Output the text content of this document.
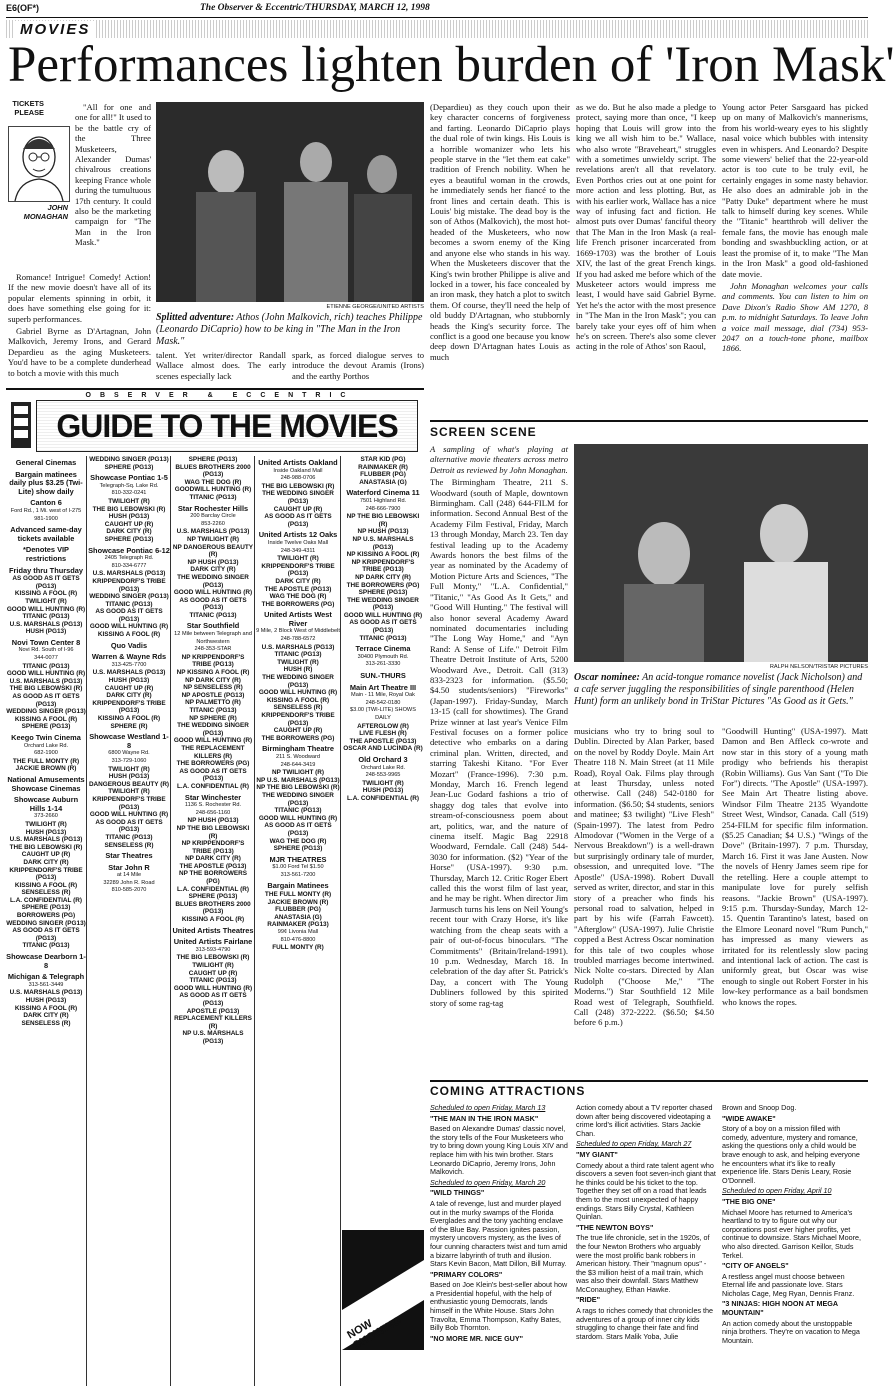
E6(OF*)	The Observer & Eccentric/THURSDAY, MARCH 12, 1998
MOVIES
Performances lighten burden of 'Iron Mask'
TICKETS PLEASE
JOHN MONAGHAN

"All for one and one for all!" It used to be the battle cry of the Three Musketeers, Alexander Dumas' chivalrous creations keeping France whole during the tumultuous 17th century. It could also be the marketing campaign for "The Man in the Iron Mask."

Romance! Intrigue! Comedy! Action! If the new movie doesn't have all of its popular elements spinning in orbit, it does have something else going for it: superb performances.

Gabriel Byrne as D'Artagnan, John Malkovich, Jeremy Irons, and Gerard Depardieu as the aging Musketeers. You'd have to be a complete dunderhead to botch a movie with this much

ETIENNE GEORGE/UNITED ARTISTS
Splitted adventure: Athos (John Malkovich, rich) teaches Philippe (Leonardo DiCaprio) how to be king in "The Man in the Iron Mask."

talent. Yet writer/director Randall Wallace almost does. The early scenes especially lack

spark, as forced dialogue serves to introduce the devout Aramis (Irons) and the earthy Porthos

(Depardieu) as they couch upon their key character concerns of forgiveness and farting. Leonardo DiCaprio plays the dual role of twin kings. His Louis is a horrible womanizer who lets his people starve in the "let them eat cake" tradition of French nobility. When he eyes a beautiful woman in the crowds, he immediately sends her fiancé to the front lines and certain death. This is Louis' big mistake. The dead boy is the son of Athos (Malkovich), the most hot-headed of the Musketeers, who now becomes a sworn enemy of the King and anyone else who stands in his way. When the Musketeers discover that the King's twin brother Philippe is alive and locked in a tower, his face concealed by an iron mask, they hatch a plot to switch them. Of course, they'll need the help of old buddy D'Artagnan, who stubbornly heads the King's security force. The conflict is a good one because you know deep down D'Artagnan hates Louis as much

as we do. But he also made a pledge to protect, saying more than once, "I keep hoping that Louis will grow into the king we all wish him to be." Wallace, who also wrote "Braveheart," struggles with a sometimes unwieldy script. The revelations aren't all that revelatory. Even Porthos cries out at one point for more action and less plotting. But, as with his earlier work, Wallace has a nice way of infusing fact and fiction. He almost puts over Dumas' fanciful theory that The Man in the Iron Mask (a real-life French prisoner incarcerated from 1669-1703) was the brother of Louis XIV, the last of the great French kings. If you had asked me before which of the Musketeer actors would impress me least, I would have said Gabriel Byrne. Yet he's the actor with the most presence in "The Man in the Iron Mask"; you can barely take your eyes off of him when he's on screen. There's also some clever acting in the role of Athos' son Raoul,

Young actor Peter Sarsgaard has picked up on many of Malkovich's mannerisms, from his world-weary eyes to his slightly nasal voice which bubbles with intensity even in whispers. And Leonardo? Despite some viewers' belief that the 22-year-old actor is too cute to be truly evil, he certainly engages in some nasty behavior. He also does an admirable job in the "Patty Duke" department where he must talk to himself during key scenes. While the "Titanic" heartthrob will deliver the female fans, the movie has enough male bonding and swashbuckling action, or at least the promise of it, to make "The Man in the Iron Mask" a good old-fashioned date movie.

John Monaghan welcomes your calls and comments. You can listen to him on Dave Dixon's Radio Show AM 1270, 8 p.m. to midnight Saturdays. To leave John a voice mail message, dial (734) 953-2047 on a touch-tone phone, mailbox 1866.

OBSERVER & ECCENTRIC
GUIDE TO THE MOVIES
General Cinemas
Bargain matinees daily plus $3.25 (Twi-Lite) show daily
Canton 6
Ford Rd., 1 Mi. west of I-275
981-1900
Advanced same-day tickets available
*Denotes VIP restrictions
Friday thru Thursday
AS GOOD AS IT GETS (PG13)
KISSING A FOOL (R)
TWILIGHT (R)
GOOD WILL HUNTING (R)
TITANIC (PG13)
U.S. MARSHALS (PG13)
HUSH (PG13)
Novi Town Center 8
Novi Rd. South of I-96
344-0077
TITANIC (PG13)
GOOD WILL HUNTING (R)
U.S. MARSHALS (PG13)
THE BIG LEBOWSKI (R)
AS GOOD AS IT GETS (PG13)
WEDDING SINGER (PG13)
KISSING A FOOL (R)
SPHERE (PG13)
Keego Twin Cinema
Orchard Lake Rd.
682-1900
THE FULL MONTY (R)
JACKIE BROWN (R)
National Amusements Showcase Cinemas
Showcase Auburn Hills 1-14
373-2660
TWILIGHT (R)
HUSH (PG13)
U.S. MARSHALS (PG13)
THE BIG LEBOWSKI (R)
CAUGHT UP (R)
DARK CITY (R)
KRIPPENDORF'S TRIBE (PG13)
KISSING A FOOL (R)
SENSELESS (R)
L.A. CONFIDENTIAL (R)
SPHERE (PG13)
BORROWERS (PG)
WEDDING SINGER (PG13)
AS GOOD AS IT GETS (PG13)
TITANIC (PG13)
Showcase Dearborn 1-8
Michigan & Telegraph
313-561-3449
U.S. MARSHALS (PG13)
HUSH (PG13)
KISSING A FOOL (R)
DARK CITY (R)
SENSELESS (R)
WEDDING SINGER (PG13)
SPHERE (PG13)
Showcase Pontiac 1-5
Telegraph-Sq. Lake Rd.
810-332-0241
TWILIGHT (R)
THE BIG LEBOWSKI (R)
HUSH (PG13)
CAUGHT UP (R)
DARK CITY (R)
SPHERE (PG13)
Showcase Pontiac 6-12
2405 Telegraph Rd.
810-334-6777
U.S. MARSHALS (PG13)
KRIPPENDORF'S TRIBE (PG13)
WEDDING SINGER (PG13)
TITANIC (PG13)
AS GOOD AS IT GETS (PG13)
GOOD WILL HUNTING (R)
KISSING A FOOL (R)
Quo Vadis
Warren & Wayne Rds
313-425-7700
U.S. MARSHALS (PG13)
HUSH (PG13)
CAUGHT UP (R)
DARK CITY (R)
KRIPPENDORF'S TRIBE (PG13)
KISSING A FOOL (R)
SPHERE (R)
Showcase Westland 1-8
6800 Wayne Rd.
313-729-1060
TWILIGHT (R)
HUSH (PG13)
DANGEROUS BEAUTY (R)
TWILIGHT (R)
KRIPPENDORF'S TRIBE (PG13)
GOOD WILL HUNTING (R)
AS GOOD AS IT GETS (PG13)
TITANIC (PG13)
SENSELESS (R)
Star Theatres
Star John R
at 14 Mile
32289 John R. Road
810-585-2070
SPHERE (PG13)
BLUES BROTHERS 2000 (PG13)
WAG THE DOG (R)
GOODWILL HUNTING (R)
TITANIC (PG13)
Star Rochester Hills
200 Barclay Circle
853-2260
U.S. MARSHALS (PG13)
NP TWILIGHT (R)
NP DANGEROUS BEAUTY (R)
NP HUSH (PG13)
DARK CITY (R)
THE WEDDING SINGER (PG13)
GOOD WILL HUNTING (R)
AS GOOD AS IT GETS (PG13)
TITANIC (PG13)
Star Southfield
12 Mile between Telegraph and Northwestern
248-353-STAR
NP KRIPPENDORF'S TRIBE (PG13)
NP KISSING A FOOL (R)
NP DARK CITY (R)
NP SENSELESS (R)
NP APOSTLE (PG13)
NP PALMETTO (R)
TITANIC (PG13)
NP SPHERE (R)
THE WEDDING SINGER (PG13)
GOOD WILL HUNTING (R)
THE REPLACEMENT KILLERS (R)
THE BORROWERS (PG)
AS GOOD AS IT GETS (PG13)
L.A. CONFIDENTIAL (R)
Star Winchester
1136 S. Rochester Rd.
248-656-1160
NP HUSH (PG13)
NP THE BIG LEBOWSKI (R)
NP KRIPPENDORF'S TRIBE (PG13)
NP DARK CITY (R)
THE APOSTLE (PG13)
NP THE BORROWERS (PG)
L.A. CONFIDENTIAL (R)
SPHERE (PG13)
BLUES BROTHERS 2000 (PG13)
KISSING A FOOL (R)
United Artists Theatres
United Artists Fairlane
313-593-4790
THE BIG LEBOWSKI (R)
TWILIGHT (R)
CAUGHT UP (R)
TITANIC (PG13)
GOOD WILL HUNTING (R)
AS GOOD AS IT GETS (PG13)
APOSTLE (PG13)
REPLACEMENT KILLERS (R)
NP U.S. MARSHALS (PG13)
United Artists Oakland
Inside Oakland Mall
248-988-0706
THE BIG LEBOWSKI (R)
THE WEDDING SINGER (PG13)
CAUGHT UP (R)
AS GOOD AS IT GETS (PG13)
United Artists 12 Oaks
Inside Twelve Oaks Mall
248-349-4311
TWILIGHT (R)
KRIPPENDORF'S TRIBE (PG13)
DARK CITY (R)
THE APOSTLE (PG13)
WAG THE DOG (R)
THE BORROWERS (PG)
United Artists West River
9 Mile, 2 Block West of Middlebelt
248-788-6572
U.S. MARSHALS (PG13)
TITANIC (PG13)
TWILIGHT (R)
HUSH (R)
THE WEDDING SINGER (PG13)
GOOD WILL HUNTING (R)
KISSING A FOOL (R)
SENSELESS (R)
KRIPPENDORF'S TRIBE (PG13)
CAUGHT UP (R)
THE BORROWERS (PG)
Birmingham Theatre
211 S. Woodward
248-644-3419
NP TWILIGHT (R)
NP U.S. MARSHALS (PG13)
NP THE BIG LEBOWSKI (R)
THE WEDDING SINGER (PG13)
TITANIC (PG13)
GOOD WILL HUNTING (R)
AS GOOD AS IT GETS (PG13)
WAG THE DOG (R)
SPHERE (PG13)
MJR THEATRES
$1.00 Ford Tel $1.50
313-561-7200
Bargain Matinees
THE FULL MONTY (R)
JACKIE BROWN (R)
FLUBBER (PG)
ANASTASIA (G)
RAINMAKER (PG13)
99¢ Livonia Mall
810-476-8800
FULL MONTY (R)
STAR KID (PG)
RAINMAKER (R)
FLUBBER (PG)
ANASTASIA (G)
Waterford Cinema 11
7501 Highland Rd.
248-666-7900
NP THE BIG LEBOWSKI (R)
NP HUSH (PG13)
NP U.S. MARSHALS (PG13)
NP KISSING A FOOL (R)
NP KRIPPENDORF'S TRIBE (PG13)
NP DARK CITY (R)
THE BORROWERS (PG)
SPHERE (PG13)
THE WEDDING SINGER (PG13)
GOOD WILL HUNTING (R)
AS GOOD AS IT GETS (PG13)
TITANIC (PG13)
Terrace Cinema
30400 Plymouth Rd.
313-261-3330
SUN.-THURS
Main Art Theatre III
Main - 11 Mile, Royal Oak
248-542-0180
$3.00 (TWI-LITE) SHOWS DAILY
AFTERGLOW (R)
LIVE FLESH (R)
THE APOSTLE (PG13)
OSCAR AND LUCINDA (R)
Old Orchard 3
Orchard Lake Rd.
248-553-9965
TWILIGHT (R)
HUSH (PG13)
L.A. CONFIDENTIAL (R)
NOW SHOWING
SCREEN SCENE

A sampling of what's playing at alternative movie theaters across metro Detroit as reviewed by John Monaghan.

The Birmingham Theatre, 211 S. Woodward (south of Maple, downtown Birmingham. Call (248) 644-FILM for information. Second Annual Best of the Academy Film Festival, Friday, March 13 through Monday, March 23. Ten day festival leading up to the Academy Awards honors the best films of the year as nominated by the Academy of Motion Picture Arts and Sciences, "The Full Monty," "L.A. Confidential," "Titanic," "As Good As It Gets," and "Good Will Hunting." The festival will also honor several Academy Award nominated documentaries including "The Long Way Home," and "Ayn Rand: A Sense of Life." Detroit Film Theatre Detroit Institute of Arts, 5200 Woodward Ave., Detroit. Call (313) 833-2323 for information. ($5.50; $4.50 students/seniors) "Fireworks" (Japan-1997). Friday-Sunday, March 13-15 (call for showtimes). The Grand Prize winner at last year's Venice Film Festival focuses on a former police detective who embarks on a daring criminal plan. Written, directed, and starring Takeshi Kitano. "For Ever Mozart" (France-1996). 7:30 p.m. Monday, March 16. French legend Jean-Luc Godard fashions a trio of shaggy dog tales that evolve into stream-of-consciousness poem about art, politics, war, and the nature of cinema itself. Magic Bag 22918 Woodward, Ferndale. Call (248) 544-3030 for information. ($2) "Year of the Horse" (USA-1997). 9:30 p.m. Thursday, March 12. Critic Roger Ebert called this the worst film of last year, and he may be right. When director Jim Jarmusch turns his lens on Neil Young's recent tour with Crazy Horse, it's like watching from the cheap seats with a pair of out-of-focus binoculars. "The Commitments" (Britain/Ireland-1991). 10 p.m. Wednesday, March 18. In celebration of the day after St. Patrick's Day, a concert with The Young Dubliners followed by this spirited story of some rag-tag

RALPH NELSON/TRISTAR PICTURES
Oscar nominee: An acid-tongue romance novelist (Jack Nicholson) and a cafe server juggling the responsibilities of single parenthood (Helen Hunt) form an unlikely bond in TriStar Pictures "As Good as it Gets."

musicians who try to bring soul to Dublin. Directed by Alan Parker, based on the novel by Roddy Doyle. Main Art Theatre 118 N. Main Street (at 11 Mile Road), Royal Oak. Films play through at least Thursday, unless noted otherwise. Call (248) 542-0180 for information. ($6.50; $4 students, seniors and matinee; $3 twilight) "Live Flesh" (Spain-1997). The latest from Pedro Almodovar ("Women in the Verge of a Nervous Breakdown") is a well-drawn but surprisingly ordinary tale of murder, obsession, and unrequited love. "The Apostle" (USA-1998). Robert Duvall served as writer, director, and star in this story of a preacher who finds his personal road to salvation, helped in part by his wife (Farrah Fawcett). "Afterglow" (USA-1997). Julie Christie copped a Best Actress Oscar nomination for this tale of two couples whose troubled marriages become intertwined. Nick Nolte co-stars. Directed by Alan Rudolph ("Choose Me," "The Moderns.") Star Southfield 12 Mile Road west of Telegraph, Southfield. Call (248) 372-2222. ($6.50; $4.50 before 6 p.m.)

"Goodwill Hunting" (USA-1997). Matt Damon and Ben Affleck co-wrote and now star in this story of a young math prodigy who befriends his therapist (Robin Williams). Gus Van Sant ("To Die For") directs. "The Apostle" (USA-1997). See Main Art Theatre listing above. Windsor Film Theatre 2135 Wyandotte Street West, Windsor, Canada. Call (519) 254-FILM for specific film information. ($5.25 Canadian; $4 U.S.) "Wings of the Dove" (Britain-1997). 7 p.m. Thursday, March 16. First it was Jane Austen. Now the novels of Henry James seem ripe for the retelling. Here a couple attempt to manipulate love for purely selfish reasons. "Jackie Brown" (USA-1997). 9:15 p.m. Thursday-Sunday, March 12-15. Quentin Tarantino's latest, based on the Elmore Leonard novel "Rum Punch," has impressed as many viewers as irritated for its relentlessly slow pacing and intentional lack of action. The cast is uniformly great, but Oscar was wise enough to single out Robert Forster in his low-key performance as a bail bondsmen who knows the ropes.

COMING ATTRACTIONS

Scheduled to open Friday, March 13

"THE MAN IN THE IRON MASK"

Based on Alexandre Dumas' classic novel, the story tells of the Four Musketeers who try to bring down young King Louis XIV and replace him with his twin brother. Stars Leonardo DiCaprio, Jeremy Irons, John Malkovich.

Scheduled to open Friday, March 20

"WILD THINGS"

A tale of revenge, lust and murder played out in the murky swamps of the Florida Everglades and the tony yachting enclave of the Blue Bay. Passion ignites passion, mystery uncovers mystery, as the lives of four cunning characters twist and turn amid a bizarre labyrinth of truth and illusion. Stars Kevin Bacon, Matt Dillon, Bill Murray.

"PRIMARY COLORS"

Based on Joe Klein's best-seller about how a Presidential hopeful, with the help of enthusiastic young Democrats, lands himself in the White House. Stars John Travolta, Emma Thompson, Kathy Bates, Billy Bob Thornton.

"NO MORE MR. NICE GUY"

Action comedy about a TV reporter chased down after being discovered videotaping a crime lord's illicit activities. Stars Jackie Chan.

Scheduled to open Friday, March 27

"MY GIANT"

Comedy about a third rate talent agent who discovers a seven foot seven-inch giant that he thinks could be his ticket to the top. Together they set off on a road that leads them to the most unexpected of happy endings. Stars Billy Crystal, Kathleen Quinlan.

"THE NEWTON BOYS"

The true life chronicle, set in the 1920s, of the four Newton Brothers who arguably were the most prolific bank robbers in American history. Their "magnum opus" - the $3 million heist of a mail train, which was also their downfall. Stars Matthew McConaughey, Ethan Hawke.

"RIDE"

A rags to riches comedy that chronicles the adventures of a group of inner city kids struggling to change their fate and find stardom. Stars Malik Yoba, Julie

Brown and Snoop Dog.

"WIDE AWAKE"

Story of a boy on a mission filled with comedy, adventure, mystery and romance, asking the questions only a child would be brave enough to ask, and helping everyone he encounters what it's like to really experience life. Stars Denis Leary, Rosie O'Donnell.

Scheduled to open Friday, April 10

"THE BIG ONE"

Michael Moore has returned to America's heartland to try to figure out why our corporations post ever higher profits, yet continue to downsize. Stars Michael Moore, who also directed. Garrison Keillor, Studs Terkel.

"CITY OF ANGELS"

A restless angel must choose between Eternal life and passionate love. Stars Nicholas Cage, Meg Ryan, Dennis Franz.

"3 NINJAS: HIGH NOON AT MEGA MOUNTAIN"

An action comedy about the unstoppable ninja brothers. They're on vacation to Mega Mountain.
